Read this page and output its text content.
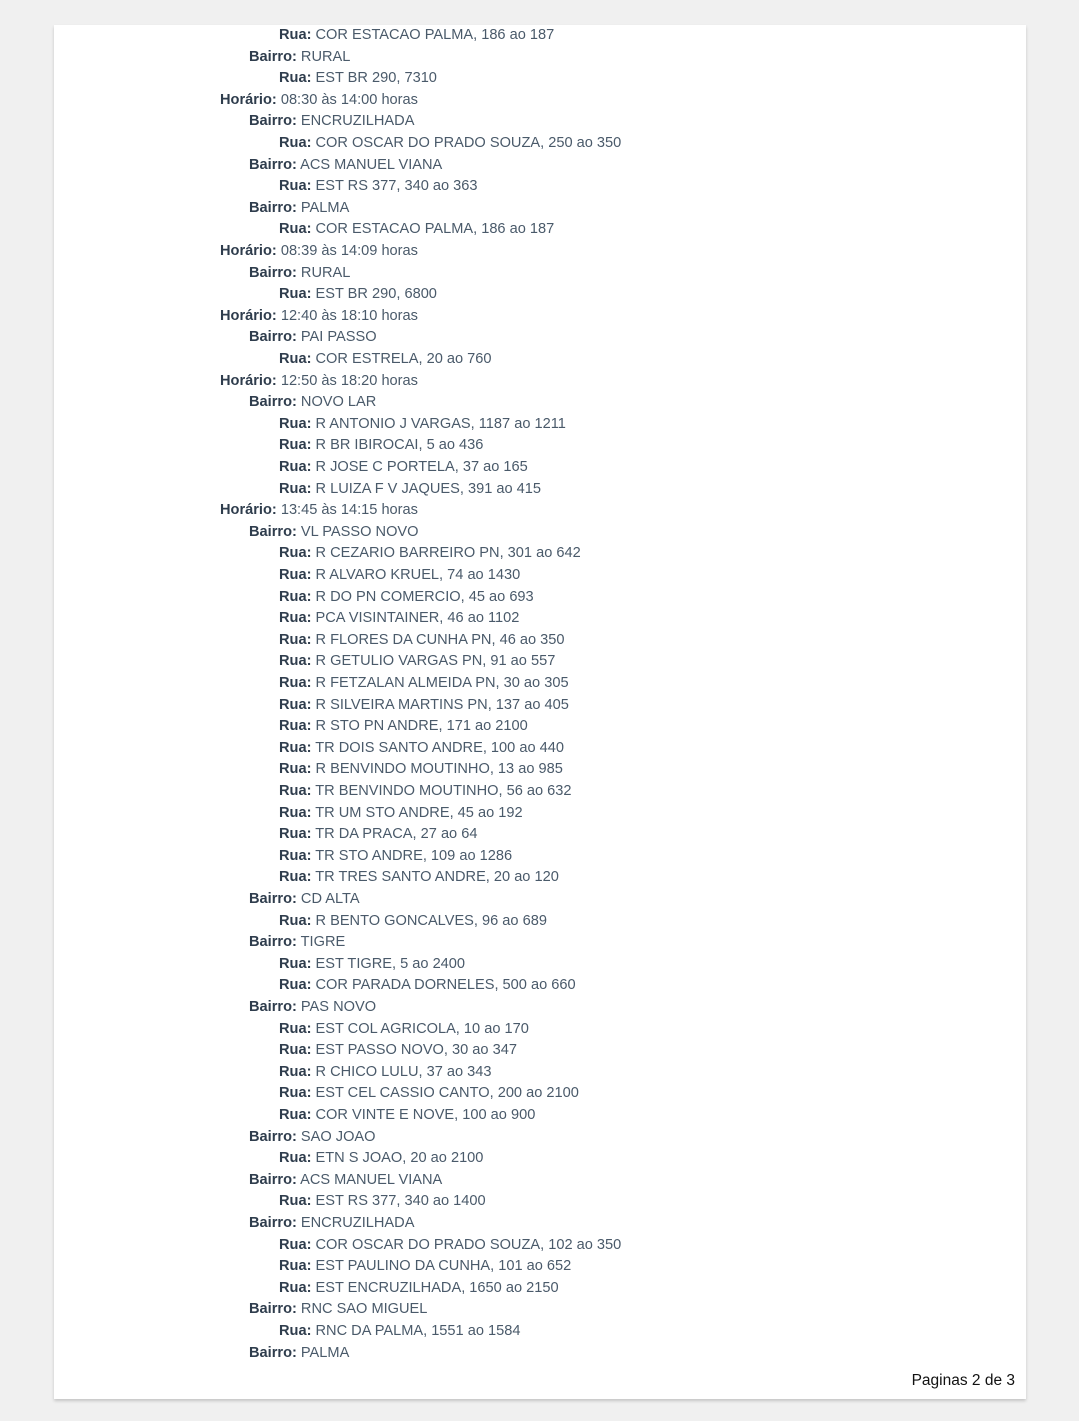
Rua: COR ESTACAO PALMA, 186 ao 187
Bairro: RURAL
Rua: EST BR 290, 7310
Horário: 08:30 às 14:00 horas
Bairro: ENCRUZILHADA
Rua: COR OSCAR DO PRADO SOUZA, 250 ao 350
Bairro: ACS MANUEL VIANA
Rua: EST RS 377, 340 ao 363
Bairro: PALMA
Rua: COR ESTACAO PALMA, 186 ao 187
Horário: 08:39 às 14:09 horas
Bairro: RURAL
Rua: EST BR 290, 6800
Horário: 12:40 às 18:10 horas
Bairro: PAI PASSO
Rua: COR ESTRELA, 20 ao 760
Horário: 12:50 às 18:20 horas
Bairro: NOVO LAR
Rua: R ANTONIO J VARGAS, 1187 ao 1211
Rua: R BR IBIROCAI, 5 ao 436
Rua: R JOSE C PORTELA, 37 ao 165
Rua: R LUIZA F V JAQUES, 391 ao 415
Horário: 13:45 às 14:15 horas
Bairro: VL PASSO NOVO
Rua: R CEZARIO BARREIRO PN, 301 ao 642
Rua: R ALVARO KRUEL, 74 ao 1430
Rua: R DO PN COMERCIO, 45 ao 693
Rua: PCA VISINTAINER, 46 ao 1102
Rua: R FLORES DA CUNHA PN, 46 ao 350
Rua: R GETULIO VARGAS PN, 91 ao 557
Rua: R FETZALAN ALMEIDA PN, 30 ao 305
Rua: R SILVEIRA MARTINS PN, 137 ao 405
Rua: R STO PN ANDRE, 171 ao 2100
Rua: TR DOIS SANTO ANDRE, 100 ao 440
Rua: R BENVINDO MOUTINHO, 13 ao 985
Rua: TR BENVINDO MOUTINHO, 56 ao 632
Rua: TR UM STO ANDRE, 45 ao 192
Rua: TR DA PRACA, 27 ao 64
Rua: TR STO ANDRE, 109 ao 1286
Rua: TR TRES SANTO ANDRE, 20 ao 120
Bairro: CD ALTA
Rua: R BENTO GONCALVES, 96 ao 689
Bairro: TIGRE
Rua: EST TIGRE, 5 ao 2400
Rua: COR PARADA DORNELES, 500 ao 660
Bairro: PAS NOVO
Rua: EST COL AGRICOLA, 10 ao 170
Rua: EST PASSO NOVO, 30 ao 347
Rua: R CHICO LULU, 37 ao 343
Rua: EST CEL CASSIO CANTO, 200 ao 2100
Rua: COR VINTE E NOVE, 100 ao 900
Bairro: SAO JOAO
Rua: ETN S JOAO, 20 ao 2100
Bairro: ACS MANUEL VIANA
Rua: EST RS 377, 340 ao 1400
Bairro: ENCRUZILHADA
Rua: COR OSCAR DO PRADO SOUZA, 102 ao 350
Rua: EST PAULINO DA CUNHA, 101 ao 652
Rua: EST ENCRUZILHADA, 1650 ao 2150
Bairro: RNC SAO MIGUEL
Rua: RNC DA PALMA, 1551 ao 1584
Bairro: PALMA
Paginas 2 de 3
